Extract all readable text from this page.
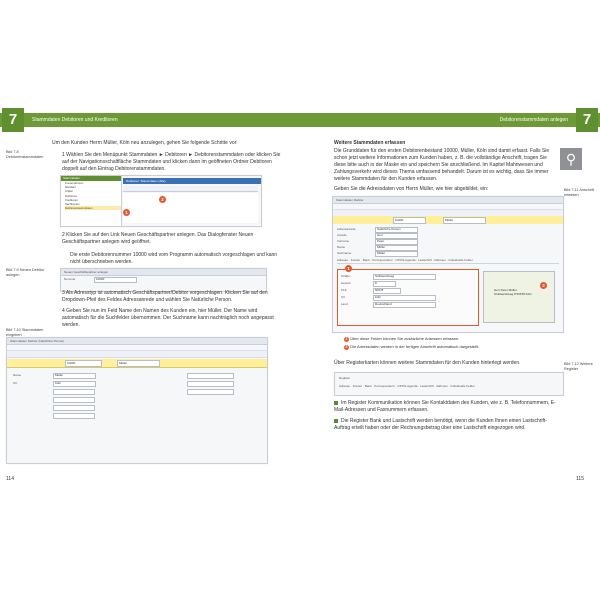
Stammdaten Debitoren und Kreditoren
7
Um den Kunden Herrn Müller, Köln neu anzulegen, gehen Sie folgende Schritte vor:
Bild 7.8 Debitorenstammdaten	1 Wählen Sie den Menüpunkt Stammdaten ► Debitoren ► Debitorenstammdaten oder klicken Sie auf der Navigationsschaltfläche Stammdaten und klicken dann im geöffneten Ordner Debitoren doppelt auf den Eintrag Debitorenstammdaten.
Stammdaten
Kontenrahmen
Mandant
Artikel
Debitoren
Kreditoren
Sachkonten
Debitorenstammdaten
Debitoren: Stammdaten (Alle)
1
2
2 Klicken Sie auf den Link Neuen Geschäftspartner anlegen. Das Dialogfenster Neuen Geschäftspartner anlegen wird geöffnet.
Die erste Debitorennummer 10000 wird vom Programm automatisch vorgeschlagen und kann nicht überschrieben werden.
Bild 7.9 Neuen Debitor anlegen
Neuen Geschäftspartner anlegen
Nummer	10000
3 Als Adresstyp ist automatisch Geschäftspartner/Debitor vorgeschlagen. Klicken Sie auf den Dropdown-Pfeil des Feldes Adressanrede und wählen Sie Natürliche Person.
4 Geben Sie nun im Feld Name den Namen des Kunden ein, hier Müller. Der Name wird automatisch für die Suchfelder übernommen. Der Suchname kann nachträglich noch angepasst werden.
Bild 7.10 Stammdaten eingeben
Stammdaten Debitor (Natürliche Person)
10000	Müller
Name	Müller
Ort	Köln
114
Debitorenstammdaten anlegen 7
Weitere Stammdaten erfassen
Die Grunddaten für den ersten Debitorenbestand 10000, Müller, Köln sind damit erfasst. Falls Sie schon jetzt weitere Informationen zum Kunden haben, z. B. die vollständige Anschrift, tragen Sie diese bitte auch in der Maske ein und speichern Sie anschließend. Im Kapitel Mahnwesen und Zahlungsverkehr wird dieses Thema umfassend behandelt. Darum ist es wichtig, dass Sie immer weitere Stammdaten für den Kunden erfassen.
⚲
Geben Sie die Adressdaten von Herrn Müller, wie hier abgebildet, ein:	Bild 7.11 Anschrift erfassen
Stammdaten Debitor
10000	Müller
Adressanrede	Natürliche Person
Anrede	Herr
Vorname	Peter
Name	Müller
Suchname	Müller
Adresse · Konten · Bank · Korrespondenz · OPOS-Agenda · Lastschrift · Rahmen · Individuelle Felder
Straße	Stollwerckweg
Hausnr.	8
PLZ	50678
Ort	Köln
Land	Deutschland
1
Herr Peter Müller Stollwerckweg 8 50678 Köln
2
1 Über diese Felder können Sie zusätzliche Adressen erfassen.
2 Die Adressdaten werden in der fertigen Anschrift automatisch dargestellt.
Über Registerkarten können weitere Stammdaten für den Kunden hinterlegt werden.	Bild 7.12 Weitere Register
Register
Adresse · Konten · Bank · Korrespondenz · OPOS-Agenda · Lastschrift · Rahmen · Individuelle Felder
Im Register Kommunikation können Sie Kontaktdaten des Kunden, wie z. B. Telefonnummern, E-Mail-Adressen und Faxnummern erfassen.
Die Register Bank und Lastschrift werden benötigt, wenn die Kunden Ihnen einen Lastschrift-Auftrag erteilt haben oder der Rechnungsbetrag über eine Lastschrift eingezogen wird.
115
